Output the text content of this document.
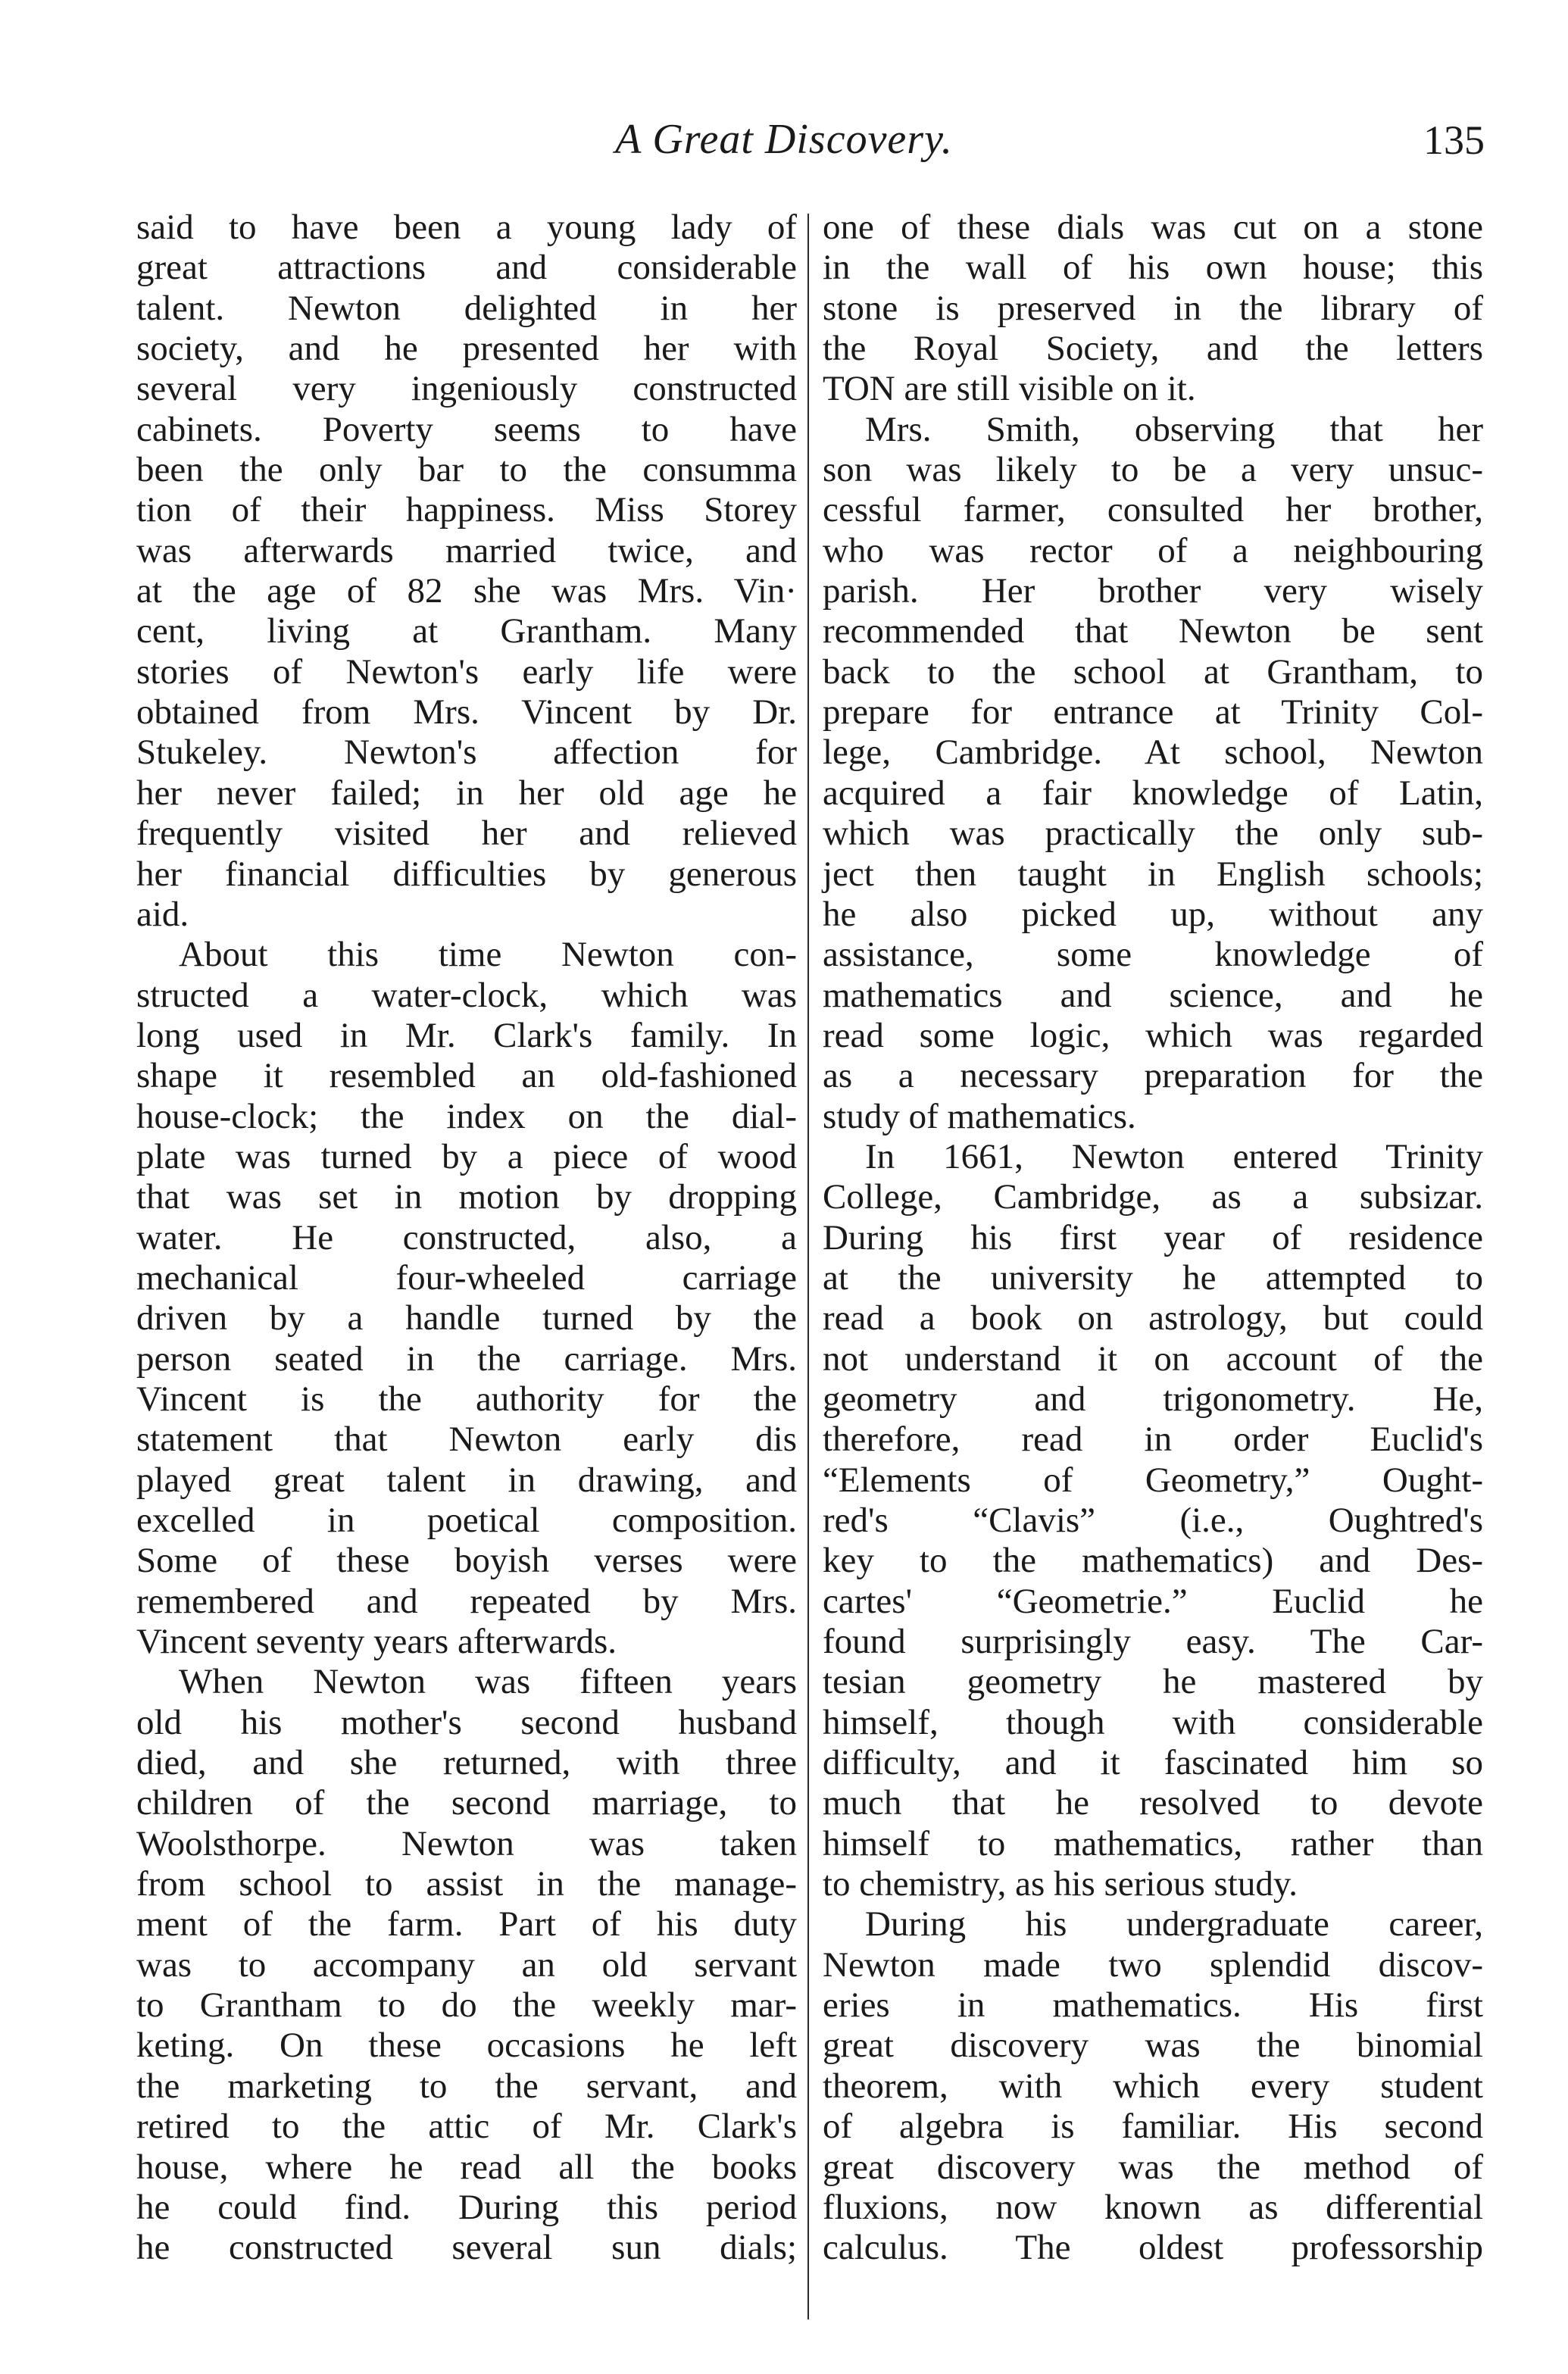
A Great Discovery.	135
said to have been a young lady of
great attractions and considerable
talent. Newton delighted in her
society, and he presented her with
several very ingeniously constructed
cabinets. Poverty seems to have
been the only bar to the consumma
tion of their happiness. Miss Storey
was afterwards married twice, and
at the age of 82 she was Mrs. Vin·
cent, living at Grantham. Many
stories of Newton's early life were
obtained from Mrs. Vincent by Dr.
Stukeley. Newton's affection for
her never failed; in her old age he
frequently visited her and relieved
her financial difficulties by generous
aid.
About this time Newton con-
structed a water-clock, which was
long used in Mr. Clark's family. In
shape it resembled an old-fashioned
house-clock; the index on the dial-
plate was turned by a piece of wood
that was set in motion by dropping
water. He constructed, also, a
mechanical four-wheeled carriage
driven by a handle turned by the
person seated in the carriage. Mrs.
Vincent is the authority for the
statement that Newton early dis
played great talent in drawing, and
excelled in poetical composition.
Some of these boyish verses were
remembered and repeated by Mrs.
Vincent seventy years afterwards.
When Newton was fifteen years
old his mother's second husband
died, and she returned, with three
children of the second marriage, to
Woolsthorpe. Newton was taken
from school to assist in the manage-
ment of the farm. Part of his duty
was to accompany an old servant
to Grantham to do the weekly mar-
keting. On these occasions he left
the marketing to the servant, and
retired to the attic of Mr. Clark's
house, where he read all the books
he could find. During this period
he constructed several sun dials;
one of these dials was cut on a stone
in the wall of his own house; this
stone is preserved in the library of
the Royal Society, and the letters
TON are still visible on it.
Mrs. Smith, observing that her
son was likely to be a very unsuc-
cessful farmer, consulted her brother,
who was rector of a neighbouring
parish. Her brother very wisely
recommended that Newton be sent
back to the school at Grantham, to
prepare for entrance at Trinity Col-
lege, Cambridge. At school, Newton
acquired a fair knowledge of Latin,
which was practically the only sub-
ject then taught in English schools;
he also picked up, without any
assistance, some knowledge of
mathematics and science, and he
read some logic, which was regarded
as a necessary preparation for the
study of mathematics.
In 1661, Newton entered Trinity
College, Cambridge, as a subsizar.
During his first year of residence
at the university he attempted to
read a book on astrology, but could
not understand it on account of the
geometry and trigonometry. He,
therefore, read in order Euclid's
“Elements of Geometry,” Ought-
red's “Clavis” (i.e., Oughtred's
key to the mathematics) and Des-
cartes' “Geometrie.” Euclid he
found surprisingly easy. The Car-
tesian geometry he mastered by
himself, though with considerable
difficulty, and it fascinated him so
much that he resolved to devote
himself to mathematics, rather than
to chemistry, as his serious study.
During his undergraduate career,
Newton made two splendid discov-
eries in mathematics. His first
great discovery was the binomial
theorem, with which every student
of algebra is familiar. His second
great discovery was the method of
fluxions, now known as differential
calculus. The oldest professorship
